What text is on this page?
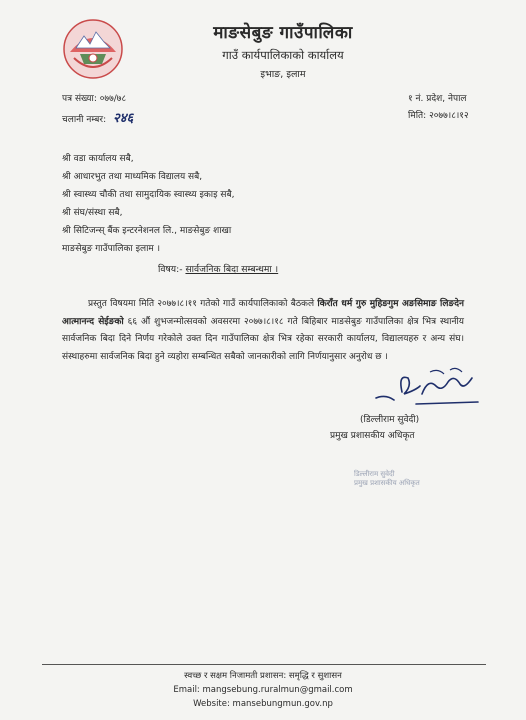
माङसेबुङ गाउँपालिका
गाउँ कार्यपालिकाको कार्यालय
इभाङ, इलाम
पत्र संख्या: ०७७/७८
चलानी नम्बर: २४६
१ नं. प्रदेश, नेपाल
मिति: २०७७।८।१२
श्री वडा कार्यालय सबै,
श्री आधारभुत तथा माध्यमिक विद्यालय सबै,
श्री स्वास्थ्य चौकी तथा सामुदायिक स्वास्थ्य इकाइ सबै,
श्री संघ/संस्था सबै,
श्री सिटिजन्स् बैंक इन्टरनेशनल लि., माङसेबुङ शाखा
माङसेबुङ गाउँपालिका इलाम ।
विषय:- सार्वजनिक बिदा सम्बन्धमा ।
प्रस्तुत विषयमा मिति २०७७।८।११ गतेको गाउँ कार्यपालिकाको बैठकले किराँत धर्म गुरु मुहिङगुम अङसिमाङ लिङदेन आत्मानन्द सेईङको ६६ औं शुभजन्मोत्सवको अवसरमा २०७७।८।१८ गते बिहिबार माङसेबुङ गाउँपालिका क्षेत्र भित्र स्थानीय सार्वजनिक बिदा दिने निर्णय गरेकोले उक्त दिन गाउँपालिका क्षेत्र भित्र रहेका सरकारी कार्यालय, विद्यालयहरु र अन्य संघ।संस्थाहरुमा सार्वजनिक बिदा हुने व्यहोरा सम्बन्धित सबैको जानकारीको लागि निर्णयानुसार अनुरोध छ ।
(डिल्लीराम सुवेदी)
प्रमुख प्रशासकीय अधिकृत
डिल्लीराम सुवेदी
प्रमुख प्रशासकीय अधिकृत
स्वच्छ र सक्षम निजामती प्रशासन: समृद्धि र सुशासन
Email: mangsebung.ruralmun@gmail.com
Website: mansebungmun.gov.np
